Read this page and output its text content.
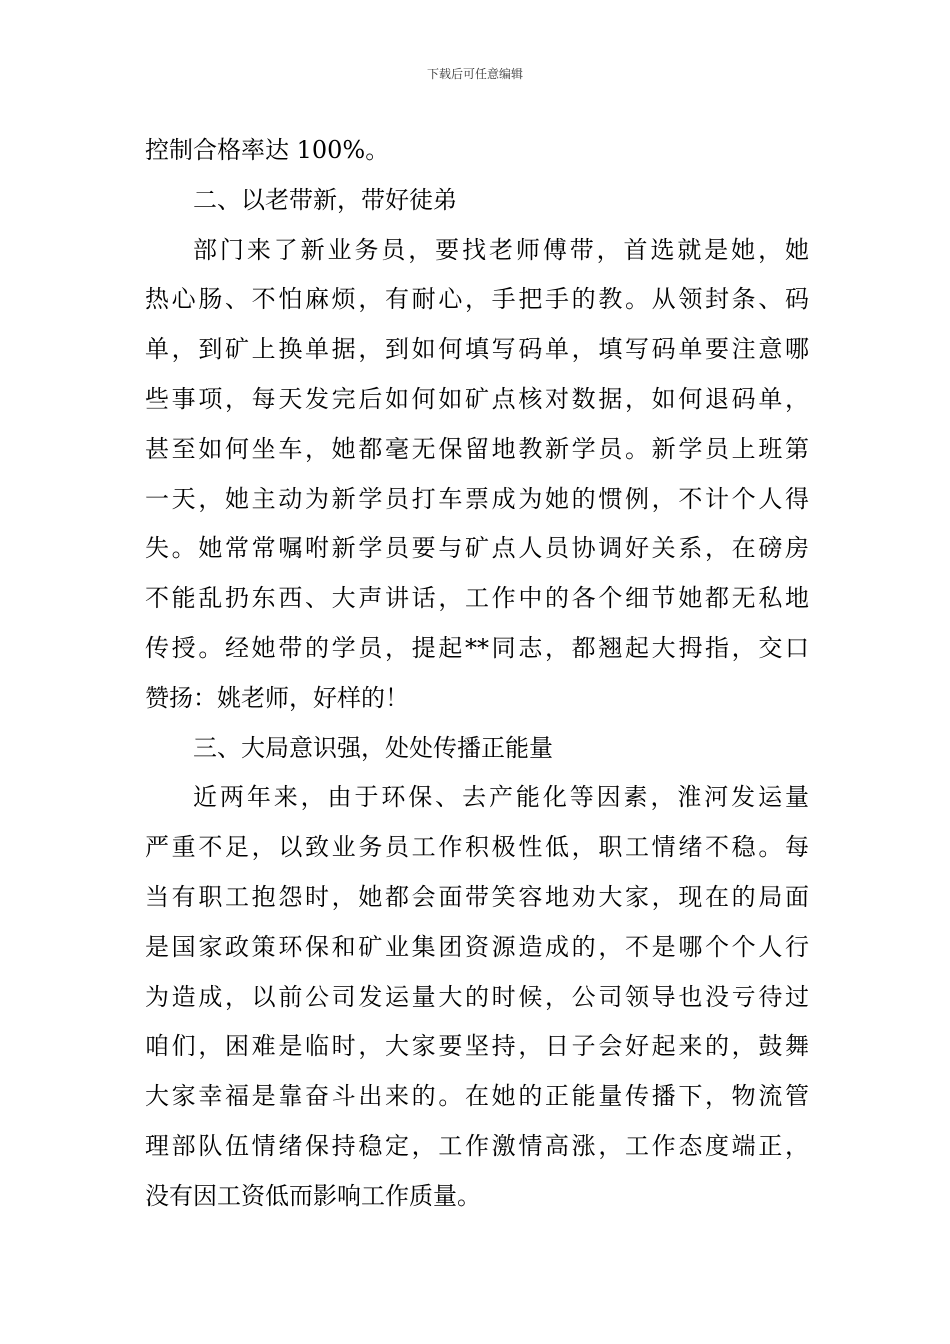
下载后可任意编辑
控制合格率达 100%。
二、以老带新，带好徒弟
部门来了新业务员，要找老师傅带，首选就是她，她
热心肠、不怕麻烦，有耐心，手把手的教。从领封条、码
单，到矿上换单据，到如何填写码单，填写码单要注意哪
些事项，每天发完后如何如矿点核对数据，如何退码单，
甚至如何坐车，她都毫无保留地教新学员。新学员上班第
一天，她主动为新学员打车票成为她的惯例，不计个人得
失。她常常嘱咐新学员要与矿点人员协调好关系，在磅房
不能乱扔东西、大声讲话，工作中的各个细节她都无私地
传授。经她带的学员，提起**同志，都翘起大拇指，交口
赞扬：姚老师，好样的！
三、大局意识强，处处传播正能量
近两年来，由于环保、去产能化等因素，淮河发运量
严重不足，以致业务员工作积极性低，职工情绪不稳。每
当有职工抱怨时，她都会面带笑容地劝大家，现在的局面
是国家政策环保和矿业集团资源造成的，不是哪个个人行
为造成，以前公司发运量大的时候，公司领导也没亏待过
咱们，困难是临时，大家要坚持，日子会好起来的，鼓舞
大家幸福是靠奋斗出来的。在她的正能量传播下，物流管
理部队伍情绪保持稳定，工作激情高涨，工作态度端正，
没有因工资低而影响工作质量。
